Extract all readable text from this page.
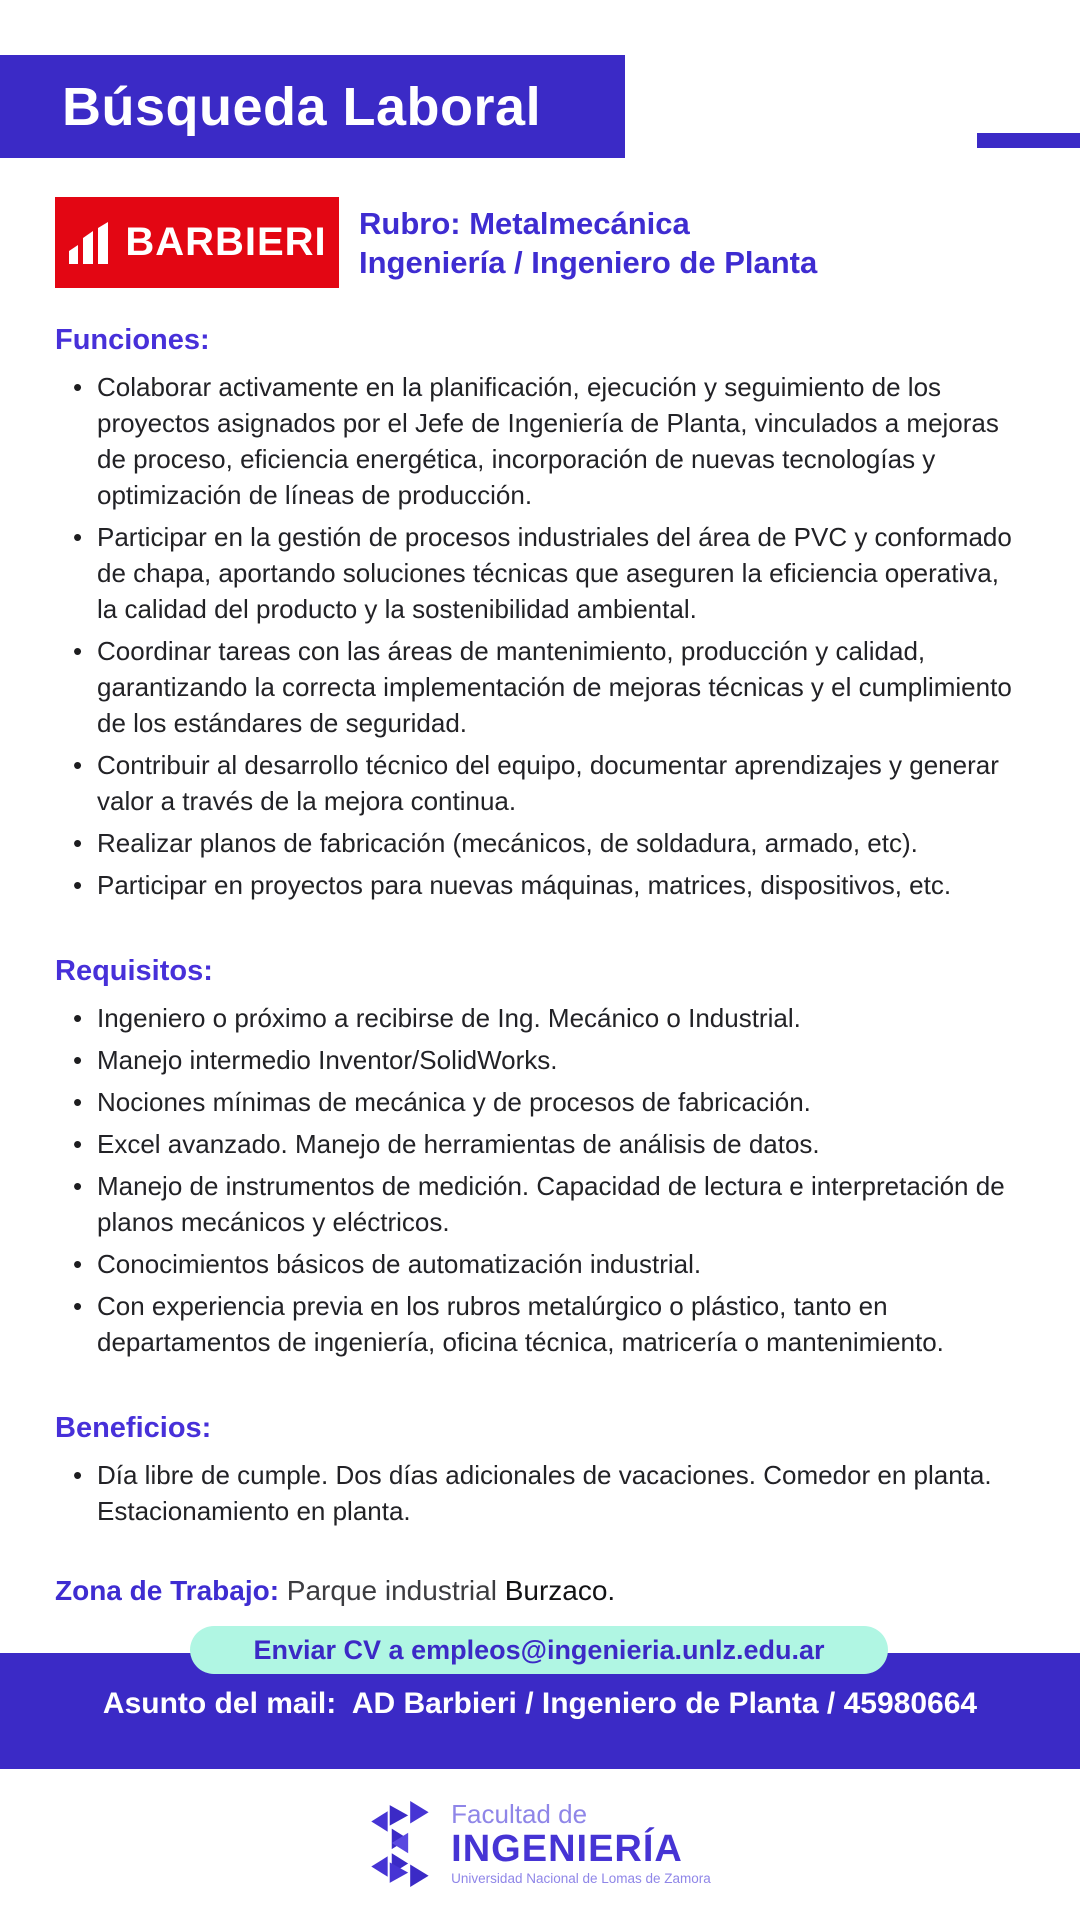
Búsqueda Laboral
BARBIERI Rubro: Metalmecánica
Ingeniería / Ingeniero de Planta
Funciones:
• Colaborar activamente en la planificación, ejecución y seguimiento de los proyectos asignados por el Jefe de Ingeniería de Planta, vinculados a mejoras de proceso, eficiencia energética, incorporación de nuevas tecnologías y optimización de líneas de producción.
• Participar en la gestión de procesos industriales del área de PVC y conformado de chapa, aportando soluciones técnicas que aseguren la eficiencia operativa, la calidad del producto y la sostenibilidad ambiental.
• Coordinar tareas con las áreas de mantenimiento, producción y calidad, garantizando la correcta implementación de mejoras técnicas y el cumplimiento de los estándares de seguridad.
• Contribuir al desarrollo técnico del equipo, documentar aprendizajes y generar valor a través de la mejora continua.
• Realizar planos de fabricación (mecánicos, de soldadura, armado, etc).
• Participar en proyectos para nuevas máquinas, matrices, dispositivos, etc.
Requisitos:
• Ingeniero o próximo a recibirse de Ing. Mecánico o Industrial.
• Manejo intermedio Inventor/SolidWorks.
• Nociones mínimas de mecánica y de procesos de fabricación.
• Excel avanzado. Manejo de herramientas de análisis de datos.
• Manejo de instrumentos de medición. Capacidad de lectura e interpretación de planos mecánicos y eléctricos.
• Conocimientos básicos de automatización industrial.
• Con experiencia previa en los rubros metalúrgico o plástico, tanto en departamentos de ingeniería, oficina técnica, matricería o mantenimiento.
Beneficios:
• Día libre de cumple. Dos días adicionales de vacaciones. Comedor en planta. Estacionamiento en planta.
Zona de Trabajo: Parque industrial Burzaco.
Enviar CV a empleos@ingenieria.unlz.edu.ar
Asunto del mail:  AD Barbieri / Ingeniero de Planta / 45980664
Facultad de
INGENIERÍA
Universidad Nacional de Lomas de Zamora
